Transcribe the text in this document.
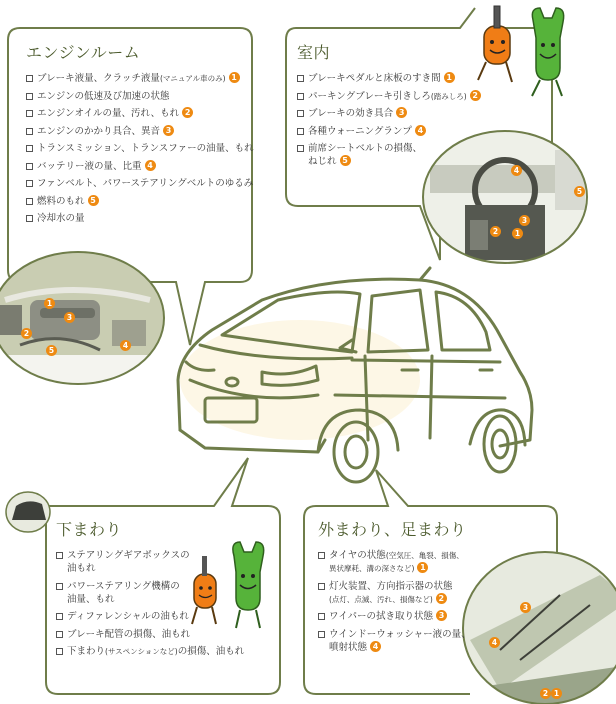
1
2
3
4
5
1
2
3
4
5
1
2
3
4
エンジンルーム
ブレーキ液量、クラッチ液量(マニュアル車のみ) 1
エンジンの低速及び加速の状態
エンジンオイルの量、汚れ、もれ 2
エンジンのかかり具合、異音 3
トランスミッション、トランスファーの油量、もれ
バッテリー液の量、比重 4
ファンベルト、パワーステアリングベルトのゆるみ
燃料のもれ 5
冷却水の量
室内
ブレーキペダルと床板のすき間 1
パーキングブレーキ引きしろ(踏みしろ) 2
ブレーキの効き具合 3
各種ウォーニングランプ 4
前席シートベルトの損傷、
ねじれ 5
下まわり
ステアリングギアボックスの
油もれ
パワーステアリング機構の
油量、もれ
ディファレンシャルの油もれ
ブレーキ配管の損傷、油もれ
下まわり(サスペンションなど)の損傷、油もれ
外まわり、足まわり
タイヤの状態(空気圧、亀裂、損傷、
異状摩耗、溝の深さなど) 1
灯火装置、方向指示器の状態
(点灯、点滅、汚れ、損傷など) 2
ワイパーの拭き取り状態 3
ウインドーウォッシャー液の量、
噴射状態 4
